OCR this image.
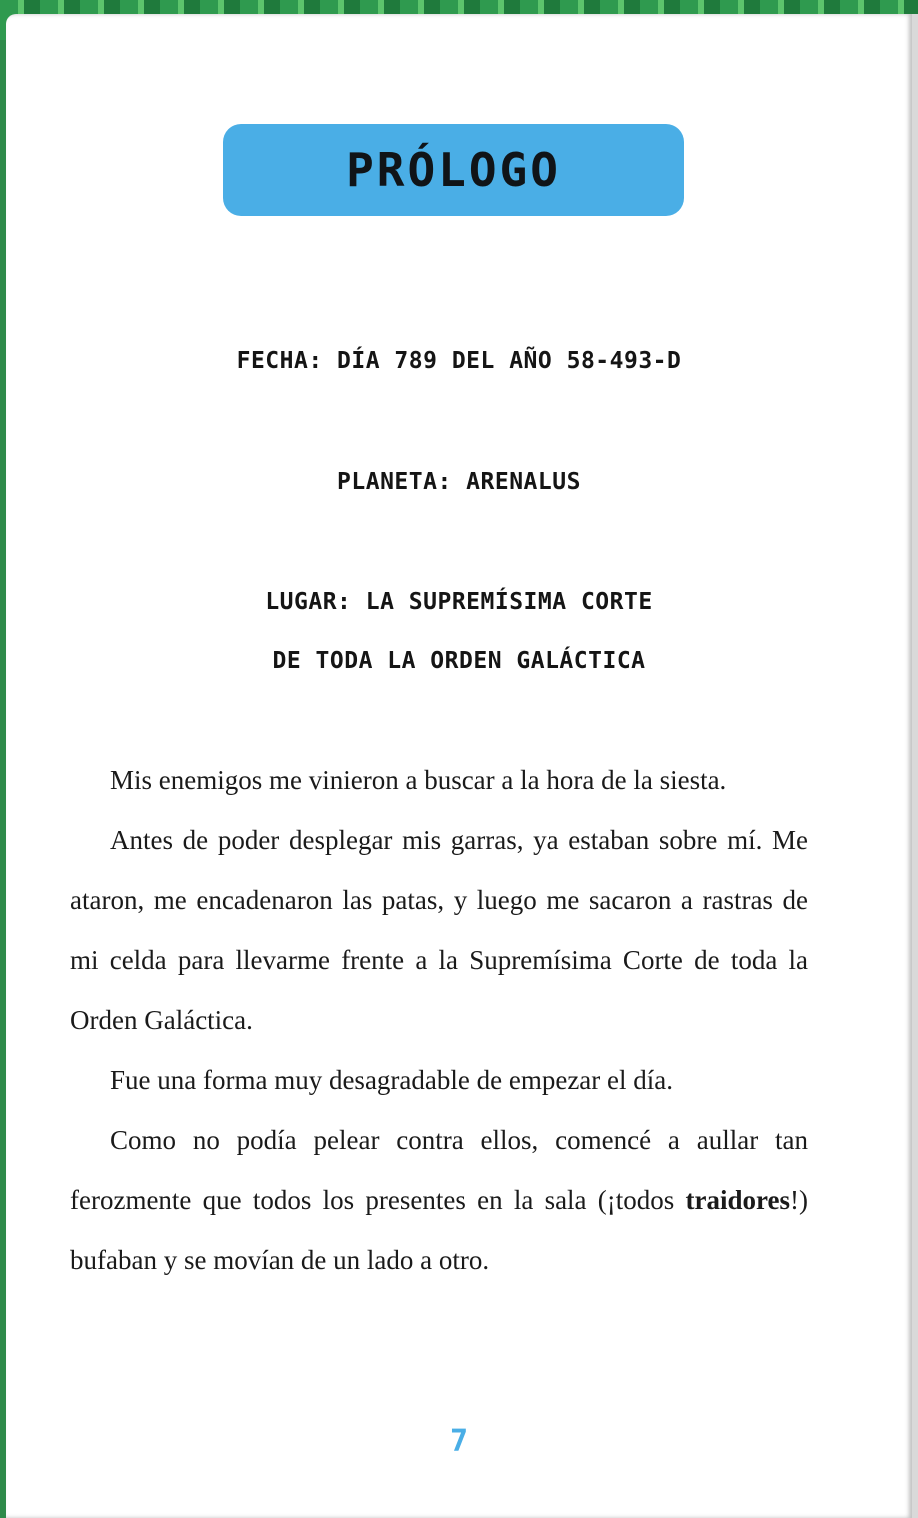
PRÓLOGO
FECHA: DÍA 789 DEL AÑO 58-493-D
PLANETA: ARENALUS
LUGAR: LA SUPREMÍSIMA CORTE
DE TODA LA ORDEN GALÁCTICA

Mis enemigos me vinieron a buscar a la hora de la siesta.

Antes de poder desplegar mis garras, ya estaban sobre mí. Me ataron, me encadenaron las patas, y luego me sacaron a rastras de mi celda para llevarme frente a la Supremísima Corte de toda la Orden Galáctica.

Fue una forma muy desagradable de empezar el día.

Como no podía pelear contra ellos, comencé a aullar tan ferozmente que todos los presentes en la sala (¡todos traidores!) bufaban y se movían de un lado a otro.

7
